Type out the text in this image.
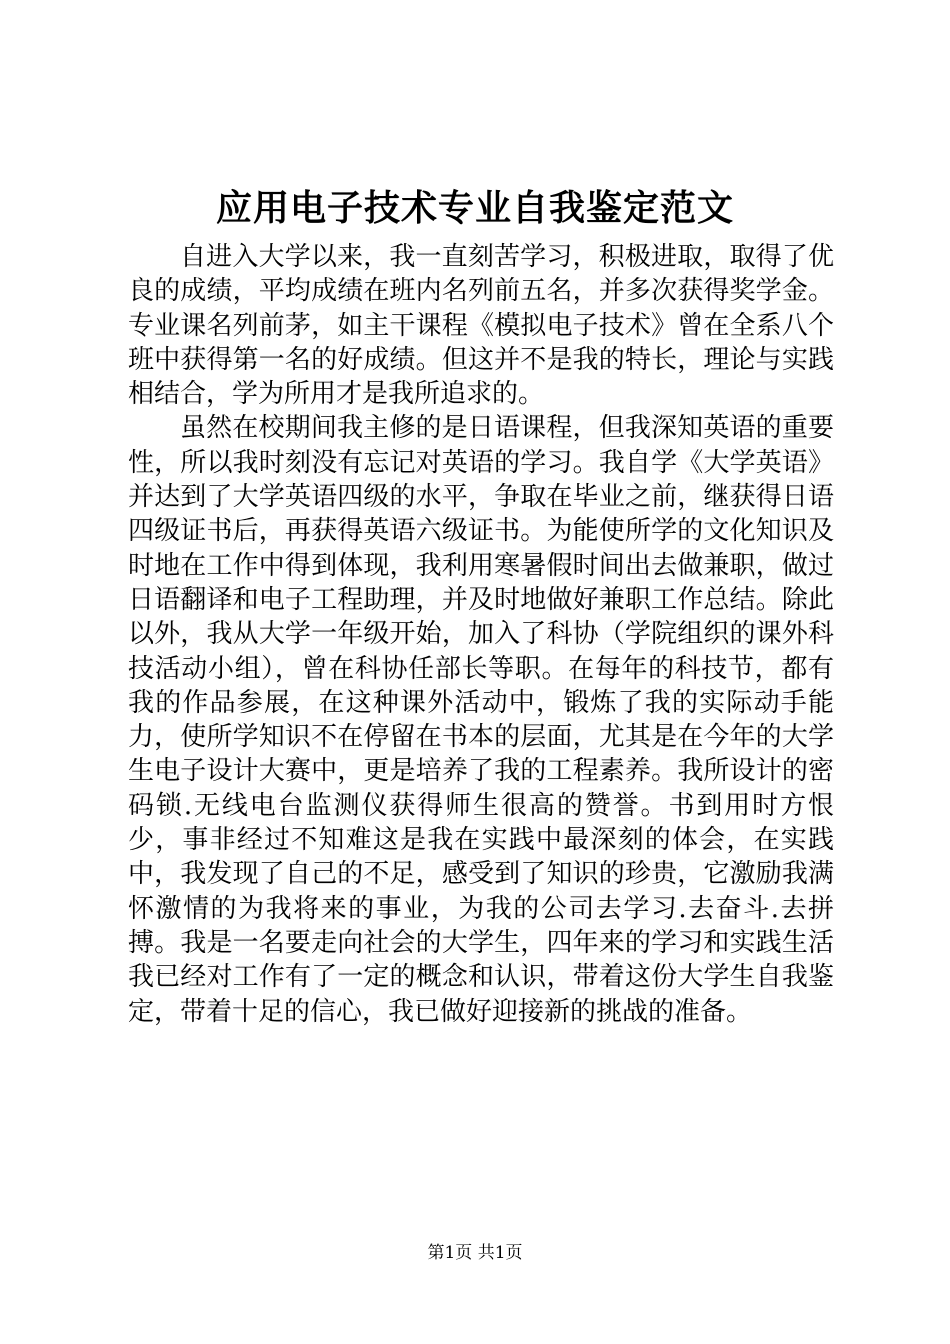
应用电子技术专业自我鉴定范文

自进入大学以来，我一直刻苦学习，积极进取，取得了优良的成绩，平均成绩在班内名列前五名，并多次获得奖学金。专业课名列前茅，如主干课程《模拟电子技术》曾在全系八个班中获得第一名的好成绩。但这并不是我的特长，理论与实践相结合，学为所用才是我所追求的。

虽然在校期间我主修的是日语课程，但我深知英语的重要性，所以我时刻没有忘记对英语的学习。我自学《大学英语》并达到了大学英语四级的水平，争取在毕业之前，继获得日语四级证书后，再获得英语六级证书。为能使所学的文化知识及时地在工作中得到体现，我利用寒暑假时间出去做兼职，做过日语翻译和电子工程助理，并及时地做好兼职工作总结。除此以外，我从大学一年级开始，加入了科协（学院组织的课外科技活动小组），曾在科协任部长等职。在每年的科技节，都有我的作品参展，在这种课外活动中，锻炼了我的实际动手能力，使所学知识不在停留在书本的层面，尤其是在今年的大学生电子设计大赛中，更是培养了我的工程素养。我所设计的密码锁.无线电台监测仪获得师生很高的赞誉。书到用时方恨少，事非经过不知难这是我在实践中最深刻的体会，在实践中，我发现了自己的不足，感受到了知识的珍贵，它激励我满怀激情的为我将来的事业，为我的公司去学习.去奋斗.去拼搏。我是一名要走向社会的大学生，四年来的学习和实践生活我已经对工作有了一定的概念和认识，带着这份大学生自我鉴定，带着十足的信心，我已做好迎接新的挑战的准备。

第1页 共1页
